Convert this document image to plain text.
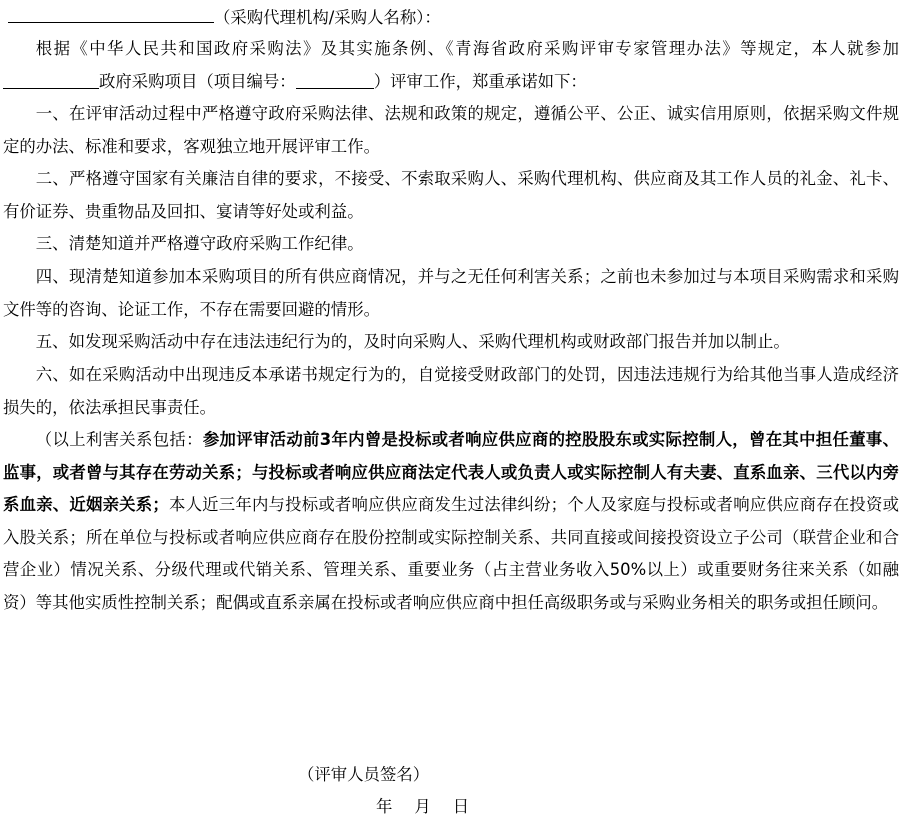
（采购代理机构/采购人名称）：

根据《中华人民共和国政府采购法》及其实施条例、《青海省政府采购评审专家管理办法》等规定，本人就参加政府采购项目（项目编号：	）评审工作，郑重承诺如下：

一、在评审活动过程中严格遵守政府采购法律、法规和政策的规定，遵循公平、公正、诚实信用原则，依据采购文件规定的办法、标准和要求，客观独立地开展评审工作。

二、严格遵守国家有关廉洁自律的要求，不接受、不索取采购人、采购代理机构、供应商及其工作人员的礼金、礼卡、有价证券、贵重物品及回扣、宴请等好处或利益。

三、清楚知道并严格遵守政府采购工作纪律。

四、现清楚知道参加本采购项目的所有供应商情况，并与之无任何利害关系；之前也未参加过与本项目采购需求和采购文件等的咨询、论证工作，不存在需要回避的情形。

五、如发现采购活动中存在违法违纪行为的，及时向采购人、采购代理机构或财政部门报告并加以制止。

六、如在采购活动中出现违反本承诺书规定行为的，自觉接受财政部门的处罚，因违法违规行为给其他当事人造成经济损失的，依法承担民事责任。

（以上利害关系包括：参加评审活动前3年内曾是投标或者响应供应商的控股股东或实际控制人，曾在其中担任董事、监事，或者曾与其存在劳动关系；与投标或者响应供应商法定代表人或负责人或实际控制人有夫妻、直系血亲、三代以内旁系血亲、近姻亲关系；本人近三年内与投标或者响应供应商发生过法律纠纷；个人及家庭与投标或者响应供应商存在投资或入股关系；所在单位与投标或者响应供应商存在股份控制或实际控制关系、共同直接或间接投资设立子公司（联营企业和合营企业）情况关系、分级代理或代销关系、管理关系、重要业务（占主营业务收入50%以上）或重要财务往来关系（如融资）等其他实质性控制关系；配偶或直系亲属在投标或者响应供应商中担任高级职务或与采购业务相关的职务或担任顾问。

（评审人员签名）
年 月 日
